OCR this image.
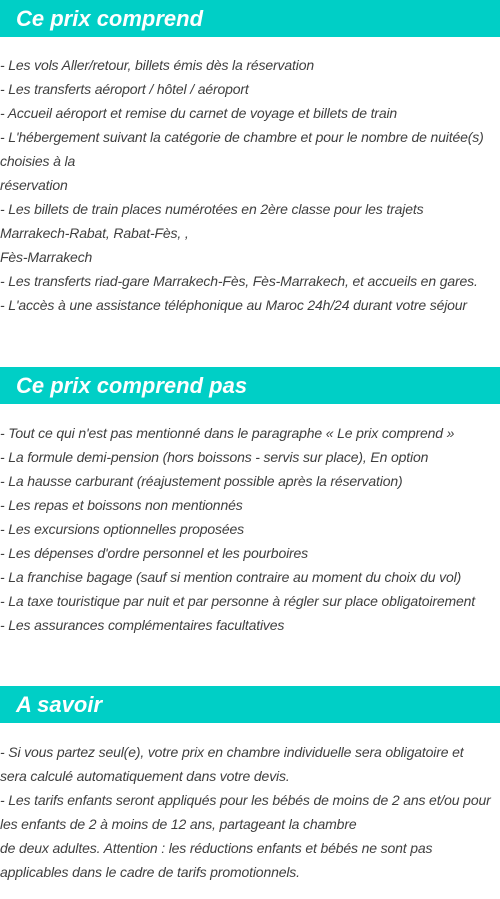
Ce prix comprend
- Les vols Aller/retour, billets émis dès la réservation
- Les transferts aéroport / hôtel / aéroport
- Accueil aéroport et remise du carnet de voyage et billets de train
- L'hébergement suivant la catégorie de chambre et pour le nombre de nuitée(s)
choisies à la
réservation
- Les billets de train places numérotées en 2ère classe pour les trajets
Marrakech-Rabat, Rabat-Fès, ,
Fès-Marrakech
- Les transferts riad-gare Marrakech-Fès, Fès-Marrakech, et accueils en gares.
- L'accès à une assistance téléphonique au Maroc 24h/24 durant votre séjour
Ce prix comprend pas
- Tout ce qui n'est pas mentionné dans le paragraphe « Le prix comprend »
- La formule demi-pension (hors boissons - servis sur place), En option
- La hausse carburant (réajustement possible après la réservation)
- Les repas et boissons non mentionnés
- Les excursions optionnelles proposées
- Les dépenses d'ordre personnel et les pourboires
- La franchise bagage (sauf si mention contraire au moment du choix du vol)
- La taxe touristique par nuit et par personne à régler sur place obligatoirement
- Les assurances complémentaires facultatives
A savoir
- Si vous partez seul(e), votre prix en chambre individuelle sera obligatoire et
sera calculé automatiquement dans votre devis.
- Les tarifs enfants seront appliqués pour les bébés de moins de 2 ans et/ou pour
les enfants de 2 à moins de 12 ans, partageant la chambre
de deux adultes. Attention : les réductions enfants et bébés ne sont pas
applicables dans le cadre de tarifs promotionnels.
